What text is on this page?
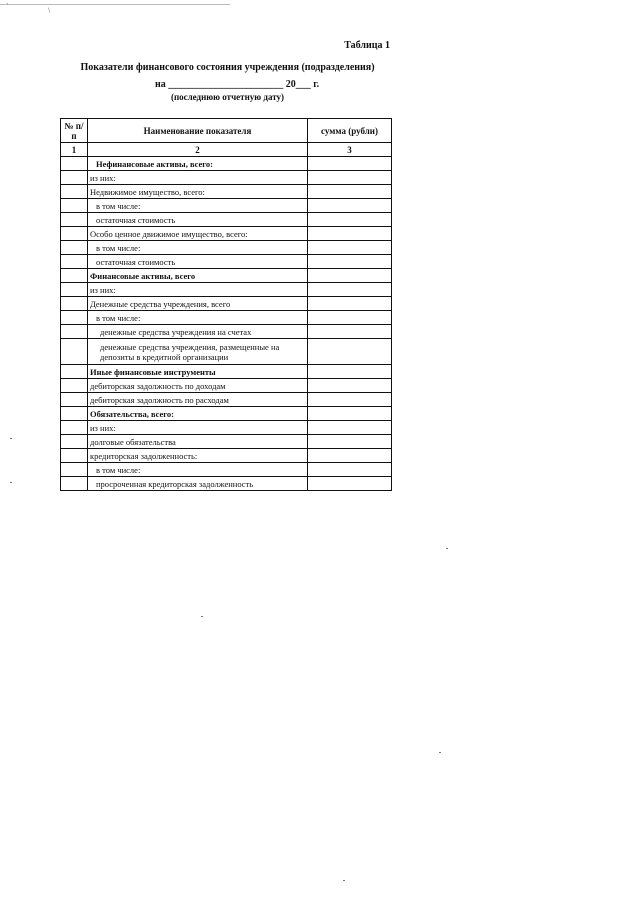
`	\
Таблица 1
Показатели финансового состояния учреждения (подразделения)
на _______________________ 20___ г.
(последнюю отчетную дату)
№ п/п	Наименование показателя	сумма (рубли)
1	2	3
	Нефинансовые активы, всего:	
	из них:	
	Недвижимое имущество, всего:	
	в том числе:	
	остаточная стоимость	
	Особо ценное движимое имущество, всего:	
	в том числе:	
	остаточная стоимость	
	Финансовые активы, всего	
	из них:	
	Денежные средства учреждения, всего	
	в том числе:	
	денежные средства учреждения на счетах	
	денежные средства учреждения, размещенные на депозиты в кредитной организации	
	Иные финансовые инструменты	
	дебиторская задолжность по доходам	
	дебиторская задолжность по расходам	
	Обязательства, всего:	
	из них:	
	долговые обязательства	
	кредиторская задолженность:	
	в том числе:	
	просроченная кредиторская задолженность	
